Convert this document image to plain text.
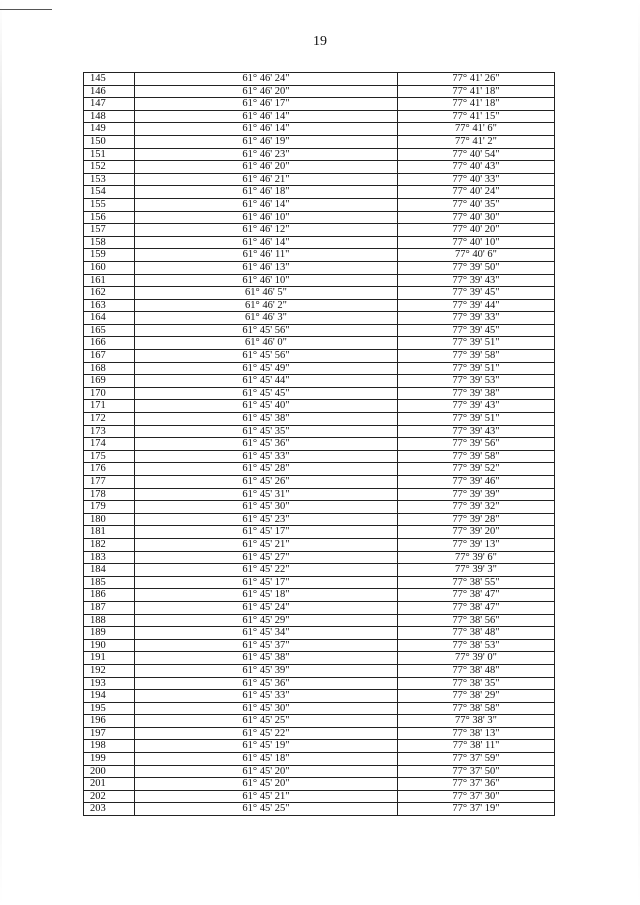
19
145	61° 46' 24"	77° 41' 26"
146	61° 46' 20"	77° 41' 18"
147	61° 46' 17"	77° 41' 18"
148	61° 46' 14"	77° 41' 15"
149	61° 46' 14"	77° 41' 6"
150	61° 46' 19"	77° 41' 2"
151	61° 46' 23"	77° 40' 54"
152	61° 46' 20"	77° 40' 43"
153	61° 46' 21"	77° 40' 33"
154	61° 46' 18"	77° 40' 24"
155	61° 46' 14"	77° 40' 35"
156	61° 46' 10"	77° 40' 30"
157	61° 46' 12"	77° 40' 20"
158	61° 46' 14"	77° 40' 10"
159	61° 46' 11"	77° 40' 6"
160	61° 46' 13"	77° 39' 50"
161	61° 46' 10"	77° 39' 43"
162	61° 46' 5"	77° 39' 45"
163	61° 46' 2"	77° 39' 44"
164	61° 46' 3"	77° 39' 33"
165	61° 45' 56"	77° 39' 45"
166	61° 46' 0"	77° 39' 51"
167	61° 45' 56"	77° 39' 58"
168	61° 45' 49"	77° 39' 51"
169	61° 45' 44"	77° 39' 53"
170	61° 45' 45"	77° 39' 38"
171	61° 45' 40"	77° 39' 43"
172	61° 45' 38"	77° 39' 51"
173	61° 45' 35"	77° 39' 43"
174	61° 45' 36"	77° 39' 56"
175	61° 45' 33"	77° 39' 58"
176	61° 45' 28"	77° 39' 52"
177	61° 45' 26"	77° 39' 46"
178	61° 45' 31"	77° 39' 39"
179	61° 45' 30"	77° 39' 32"
180	61° 45' 23"	77° 39' 28"
181	61° 45' 17"	77° 39' 20"
182	61° 45' 21"	77° 39' 13"
183	61° 45' 27"	77° 39' 6"
184	61° 45' 22"	77° 39' 3"
185	61° 45' 17"	77° 38' 55"
186	61° 45' 18"	77° 38' 47"
187	61° 45' 24"	77° 38' 47"
188	61° 45' 29"	77° 38' 56"
189	61° 45' 34"	77° 38' 48"
190	61° 45' 37"	77° 38' 53"
191	61° 45' 38"	77° 39' 0"
192	61° 45' 39"	77° 38' 48"
193	61° 45' 36"	77° 38' 35"
194	61° 45' 33"	77° 38' 29"
195	61° 45' 30"	77° 38' 58"
196	61° 45' 25"	77° 38' 3"
197	61° 45' 22"	77° 38' 13"
198	61° 45' 19"	77° 38' 11"
199	61° 45' 18"	77° 37' 59"
200	61° 45' 20"	77° 37' 50"
201	61° 45' 20"	77° 37' 36"
202	61° 45' 21"	77° 37' 30"
203	61° 45' 25"	77° 37' 19"
